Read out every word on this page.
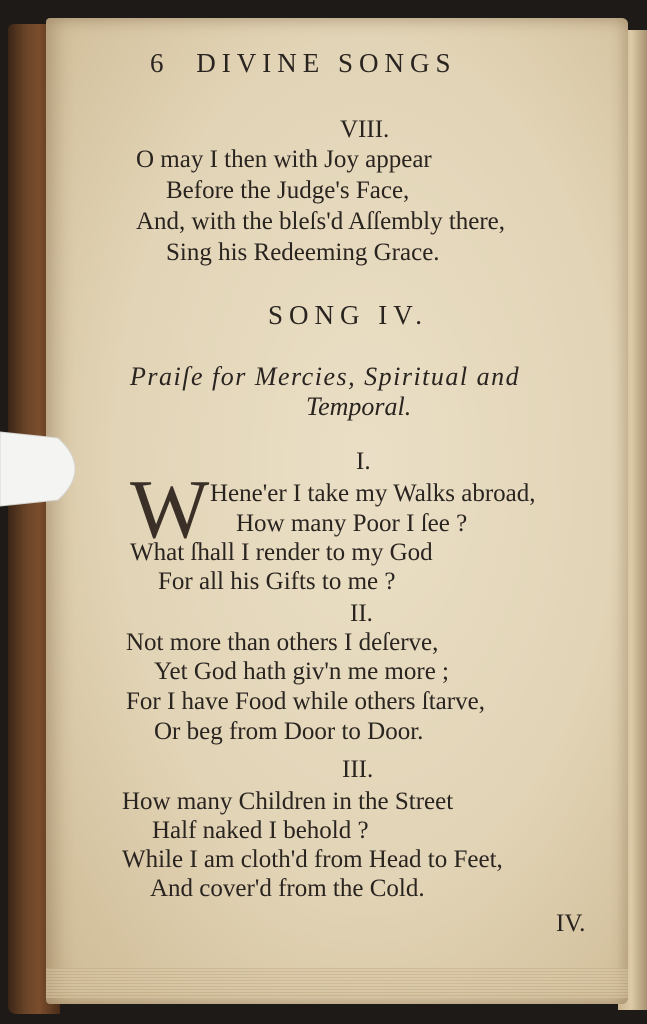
6 DIVINE SONGS
VIII.
O may I then with Joy appear
Before the Judge's Face,
And, with the bleſs'd Aſſembly there,
Sing his Redeeming Grace.
SONG IV.
Praiſe for Mercies, Spiritual and
Temporal.
I.
W Hene'er I take my Walks abroad,
How many Poor I ſee ?
What ſhall I render to my God
For all his Gifts to me ?
II.
Not more than others I deſerve,
Yet God hath giv'n me more ;
For I have Food while others ſtarve,
Or beg from Door to Door.
III.
How many Children in the Street
Half naked I behold ?
While I am cloth'd from Head to Feet,
And cover'd from the Cold.
IV.
